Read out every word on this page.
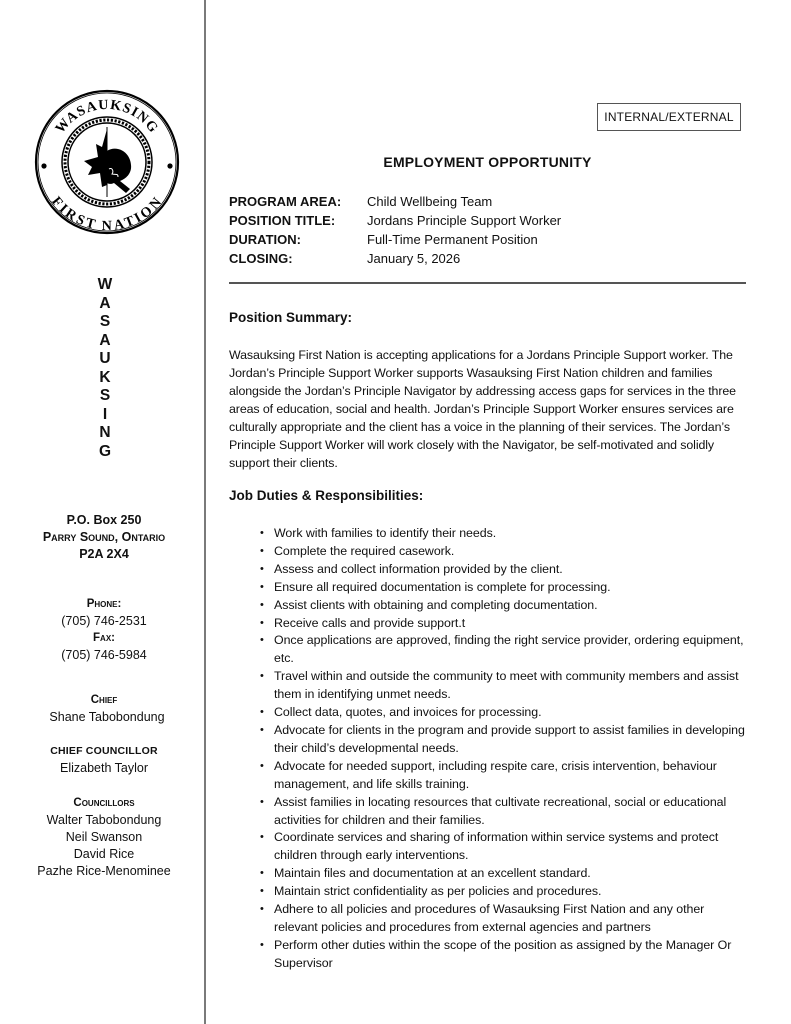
WASAUKSING
FIRST NATION
W
A
S
A
U
K
S
I
N
G
P.O. Box 250
Parry Sound, Ontario
P2A 2X4
Phone:
(705) 746-2531
Fax:
(705) 746-5984
Chief
Shane Tabobondung
CHIEF COUNCILLOR
Elizabeth Taylor
Councillors
Walter Tabobondung
Neil Swanson
David Rice
Pazhe Rice-Menominee
INTERNAL/EXTERNAL
EMPLOYMENT OPPORTUNITY
PROGRAM AREA:	Child Wellbeing Team
POSITION TITLE:	Jordans Principle Support Worker
DURATION:	Full-Time Permanent Position
CLOSING:	January 5, 2026
Position Summary:
Wasauksing First Nation is accepting applications for a Jordans Principle Support worker. The Jordan’s Principle Support Worker supports Wasauksing First Nation children and families alongside the Jordan’s Principle Navigator by addressing access gaps for services in the three areas of education, social and health. Jordan’s Principle Support Worker ensures services are culturally appropriate and the client has a voice in the planning of their services. The Jordan’s Principle Support Worker will work closely with the Navigator, be self-motivated and solidly support their clients.
Job Duties & Responsibilities:
• Work with families to identify their needs.
• Complete the required casework.
• Assess and collect information provided by the client.
• Ensure all required documentation is complete for processing.
• Assist clients with obtaining and completing documentation.
• Receive calls and provide support.t
• Once applications are approved, finding the right service provider, ordering equipment, etc.
• Travel within and outside the community to meet with community members and assist them in identifying unmet needs.
• Collect data, quotes, and invoices for processing.
• Advocate for clients in the program and provide support to assist families in developing their child’s developmental needs.
• Advocate for needed support, including respite care, crisis intervention, behaviour management, and life skills training.
• Assist families in locating resources that cultivate recreational, social or educational activities for children and their families.
• Coordinate services and sharing of information within service systems and protect children through early interventions.
• Maintain files and documentation at an excellent standard.
• Maintain strict confidentiality as per policies and procedures.
• Adhere to all policies and procedures of Wasauksing First Nation and any other relevant policies and procedures from external agencies and partners
• Perform other duties within the scope of the position as assigned by the Manager Or Supervisor
